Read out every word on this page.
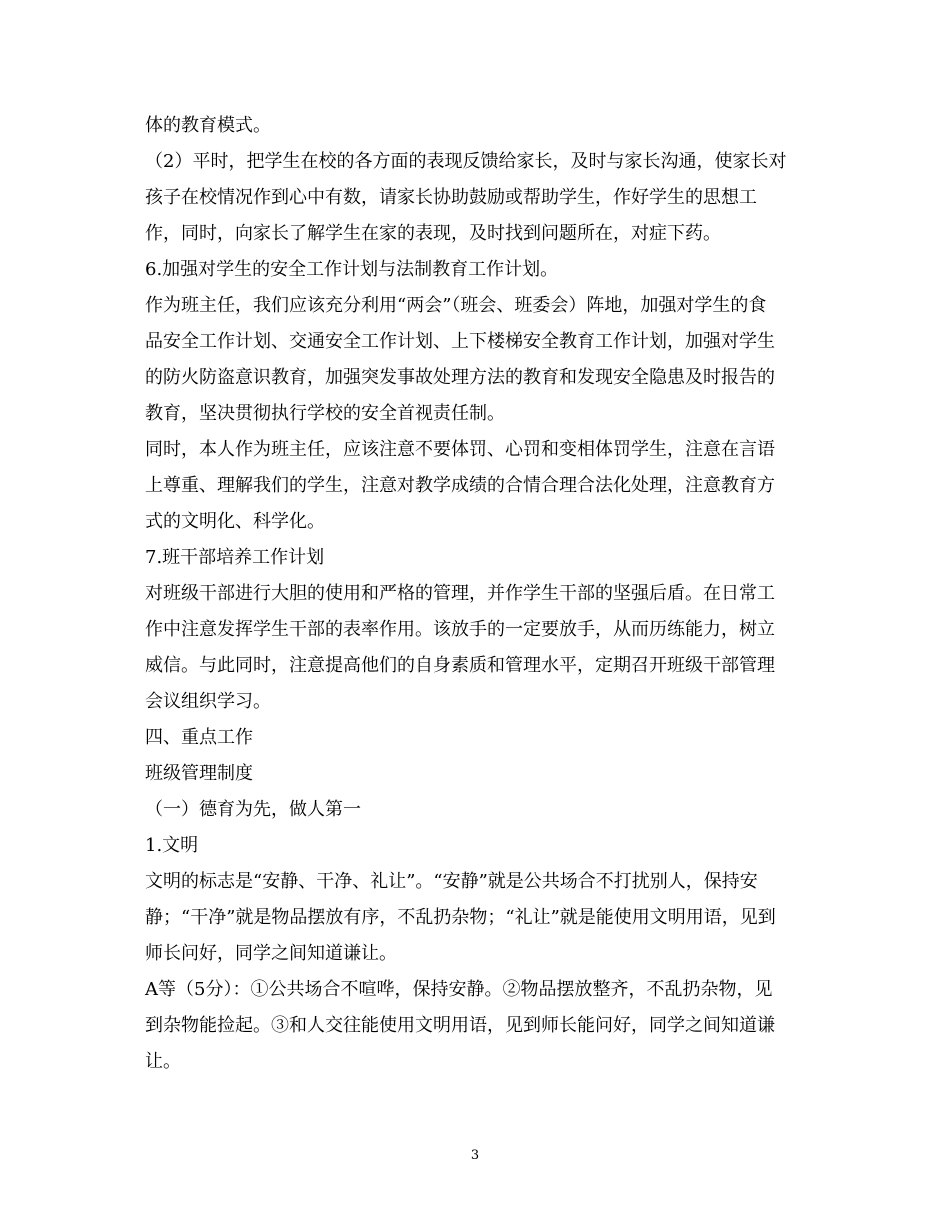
体的教育模式。
（2）平时，把学生在校的各方面的表现反馈给家长，及时与家长沟通，使家长对
孩子在校情况作到心中有数，请家长协助鼓励或帮助学生，作好学生的思想工
作，同时，向家长了解学生在家的表现，及时找到问题所在，对症下药。
6.加强对学生的安全工作计划与法制教育工作计划。
作为班主任，我们应该充分利用“两会”（班会、班委会）阵地，加强对学生的食
品安全工作计划、交通安全工作计划、上下楼梯安全教育工作计划，加强对学生
的防火防盗意识教育，加强突发事故处理方法的教育和发现安全隐患及时报告的
教育，坚决贯彻执行学校的安全首视责任制。
同时，本人作为班主任，应该注意不要体罚、心罚和变相体罚学生，注意在言语
上尊重、理解我们的学生，注意对教学成绩的合情合理合法化处理，注意教育方
式的文明化、科学化。
7.班干部培养工作计划
对班级干部进行大胆的使用和严格的管理，并作学生干部的坚强后盾。在日常工
作中注意发挥学生干部的表率作用。该放手的一定要放手，从而历练能力，树立
威信。与此同时，注意提高他们的自身素质和管理水平，定期召开班级干部管理
会议组织学习。
四、重点工作
班级管理制度
（一）德育为先，做人第一
1.文明
文明的标志是“安静、干净、礼让”。“安静”就是公共场合不打扰别人，保持安
静；“干净”就是物品摆放有序，不乱扔杂物；“礼让”就是能使用文明用语，见到
师长问好，同学之间知道谦让。
A等（5分）：①公共场合不喧哗，保持安静。②物品摆放整齐，不乱扔杂物，见
到杂物能捡起。③和人交往能使用文明用语，见到师长能问好，同学之间知道谦
让。
3
